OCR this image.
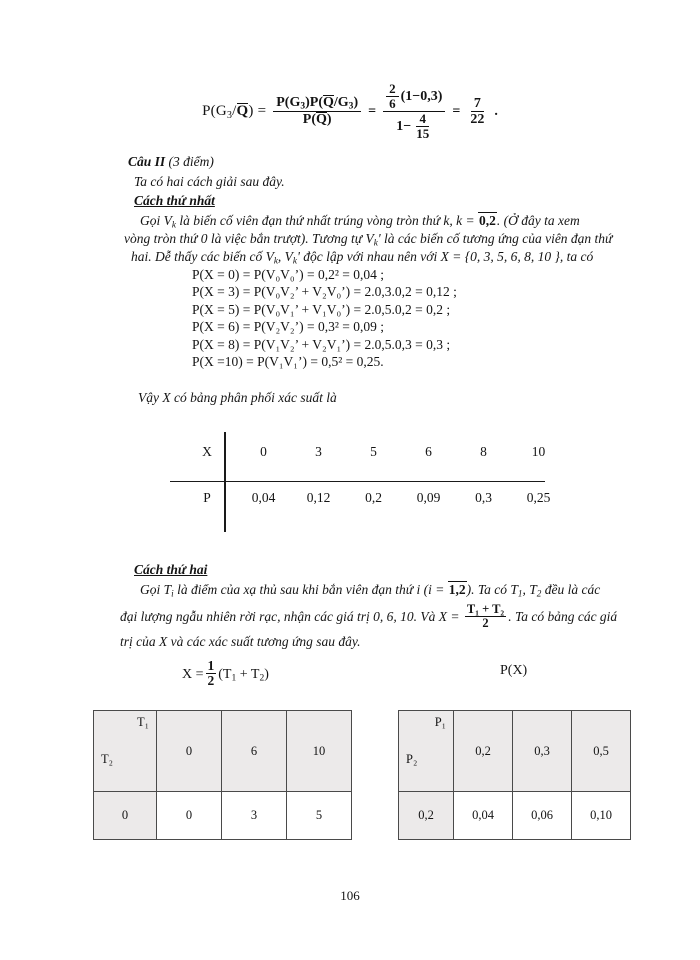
$P(G_3/Q) = \frac{P(G_3)P(Q/G_3)}{P(Q)} = \frac{\frac{2}{6} (1-0,3)}{1- \frac{4}{15}} = \frac{7}{22}$ .
Câu II (3 điểm)
Ta có hai cách giải sau đây.
Cách thứ nhất
Gọi $V_k$ là biến cố viên đạn thứ nhất trúng vòng tròn thứ k, k = 0,2. (Ở đây ta xem
vòng tròn thứ 0 là việc bắn trượt). Tương tự $V_k'$ là các biến cố tương ứng của viên đạn thứ
hai. Dễ thấy các biến cố $V_k$, $V_k'$ độc lập với nhau nên với X = {0, 3, 5, 6, 8, 10 }, ta có
P(X = 0) = P(V₀V₀’) = 0,2² = 0,04 ;
P(X = 3) = P(V₀V₂’ + V₂V₀’) = 2.0,3.0,2 = 0,12 ;
P(X = 5) = P(V₀V₁’ + V₁V₀’) = 2.0,5.0,2 = 0,2 ;
P(X = 6) = P(V₂V₂’) = 0,3² = 0,09 ;
P(X = 8) = P(V₁V₂’ + V₂V₁’) = 2.0,5.0,3 = 0,3 ;
P(X =10) = P(V₁V₁’) = 0,5² = 0,25.
Vậy X có bảng phân phối xác suất là
X	0	3	5	6	8	10
P	0,04	0,12	0,2	0,09	0,3	0,25
Cách thứ hai
Gọi $T_i$ là điểm của xạ thủ sau khi bắn viên đạn thứ i (i = 1,2). Ta có $T_1$, $T_2$ đều là các
đại lượng ngẫu nhiên rời rạc, nhận các giá trị 0, 6, 10. Và $X = \frac{\text{T₁ + T₂}}{2}$ . Ta có bảng các giá
trị của X và các xác suất tương ứng sau đây.
$X = \frac{1}{2} (T_1 + T_2)$	P(X)
T₁
T₂	0	6	10
0	0	3	5
P₁
P₂	0,2	0,3	0,5
0,2	0,04	0,06	0,10
106
